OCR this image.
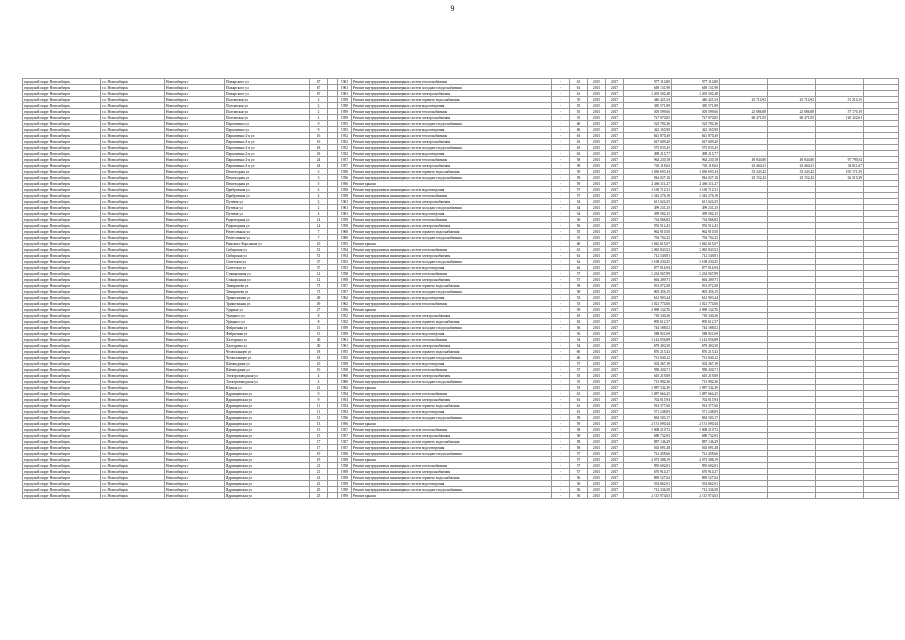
9
городской округ Новосибирск	г.о. Новосибирск	Новосибирск г	Пожарского ул	67		1961	Ремонт внутридомовых инженерных систем теплоснабжения	-	61	2015	2017	977 114,80	977 114,80				
городской округ Новосибирск	г.о. Новосибирск	Новосибирск г	Пожарского ул	67		1961	Ремонт внутридомовых инженерных систем холодного водоснабжения	-	61	2015	2017	649 131,98	649 131,98				
городской округ Новосибирск	г.о. Новосибирск	Новосибирск г	Пожарского ул	67		1961	Ремонт внутридомовых инженерных систем электроснабжения	-	61	2015	2017	1 205 502,48	1 205 502,48				
городской округ Новосибирск	г.о. Новосибирск	Новосибирск г	Полтавская ул	2		1959	Ремонт внутридомовых инженерных систем горячего водоснабжения	-	55	2015	2017	440 421,54	440 421,54	25 714,92	25 714,92	51 214,15	
городской округ Новосибирск	г.о. Новосибирск	Новосибирск г	Полтавская ул	2		1959	Ремонт внутридомовых инженерных систем водоотведения	-	55	2015	2017	385 571,89	385 571,89				
городской округ Новосибирск	г.о. Новосибирск	Новосибирск г	Полтавская ул	2		1959	Ремонт внутридомовых инженерных систем теплоснабжения	-	55	2015	2017	505 599,66	505 599,66	23 086,88	23 086,88	57 170,19	
городской округ Новосибирск	г.о. Новосибирск	Новосибирск г	Полтавская ул	2		1959	Ремонт внутридомовых инженерных систем электроснабжения	-	55	2015	2017	727 970,85	727 970,85	60 471,05	60 471,05	120 322,61	
городской округ Новосибирск	г.о. Новосибирск	Новосибирск г	Пархоменко ул	9		1955	Ремонт внутридомовых инженерных систем холодного водоснабжения	-	60	2015	2017	523 782,36	523 782,36				
городской округ Новосибирск	г.о. Новосибирск	Новосибирск г	Пархоменко ул	9		1955	Ремонт внутридомовых инженерных систем водоотведения	-	60	2015	2017	422 165,90	422 165,90				
городской округ Новосибирск	г.о. Новосибирск	Новосибирск г	Пархоменко 2-я ул	16		1952	Ремонт внутридомовых инженерных систем теплоснабжения	-	63	2015	2017	841 870,49	841 870,49				
городской округ Новосибирск	г.о. Новосибирск	Новосибирск г	Пархоменко 2-я ул	16		1952	Ремонт внутридомовых инженерных систем электроснабжения	-	63	2015	2017	627 609,20	627 609,20				
городской округ Новосибирск	г.о. Новосибирск	Новосибирск г	Пархоменко 2-я ул	18		1952	Ремонт внутридомовых инженерных систем холодного водоснабжения	-	63	2015	2017	575 035,43	575 035,43				
городской округ Новосибирск	г.о. Новосибирск	Новосибирск г	Пархоменко 2-я ул	18		1952	Ремонт внутридомовых инженерных систем водоотведения	-	63	2015	2017	498 215,77	498 215,77				
городской округ Новосибирск	г.о. Новосибирск	Новосибирск г	Пархоменко 2-я ул	24		1957	Ремонт внутридомовых инженерных систем теплоснабжения	-	58	2015	2017	964 230,18	964 230,18	49 844,80	49 844,80	97 799,54	
городской округ Новосибирск	г.о. Новосибирск	Новосибирск г	Пархоменко 2-я ул	24		1957	Ремонт внутридомовых инженерных систем электроснабжения	-	58	2015	2017	745 118,63	745 118,63	23 460,41	23 460,41	34 811,67	
городской округ Новосибирск	г.о. Новосибирск	Новосибирск г	Пешеходная ул	3		1956	Ремонт внутридомовых инженерных систем горячего водоснабжения	-	59	2015	2017	1 036 693,34	1 036 693,34	53 243,42	53 243,42	105 171,35	
городской округ Новосибирск	г.о. Новосибирск	Новосибирск г	Пешеходная ул	3		1956	Ремонт внутридомовых инженерных систем холодного водоснабжения	-	59	2015	2017	944 027,16	944 027,16	25 152,42	25 152,42	62 315,29	
городской округ Новосибирск	г.о. Новосибирск	Новосибирск г	Пешеходная ул	5		1956	Ремонт крыши	-	59	2015	2017	2 466 111,27	2 466 111,27				
городской округ Новосибирск	г.о. Новосибирск	Новосибирск г	Прибрежная ул	4		1958	Ремонт внутридомовых инженерных систем водоотведения	-	57	2015	2017	1 169 712,31	1 169 712,31				
городской округ Новосибирск	г.о. Новосибирск	Новосибирск г	Прибрежная ул	4		1958	Ремонт внутридомовых инженерных систем теплоснабжения	-	57	2015	2017	1 343 276,18	1 343 276,18				
городской округ Новосибирск	г.о. Новосибирск	Новосибирск г	Путевая ул	2		1961	Ремонт внутридомовых инженерных систем электроснабжения	-	54	2015	2017	611 624,35	611 624,35				
городской округ Новосибирск	г.о. Новосибирск	Новосибирск г	Путевая ул	2		1961	Ремонт внутридомовых инженерных систем холодного водоснабжения	-	54	2015	2017	499 231,25	499 231,25				
городской округ Новосибирск	г.о. Новосибирск	Новосибирск г	Путевая ул	4		1961	Ремонт внутридомовых инженерных систем водоотведения	-	54	2015	2017	399 582,15	399 582,15				
городской округ Новосибирск	г.о. Новосибирск	Новосибирск г	Радиаторная ул	14		1959	Ремонт внутридомовых инженерных систем теплоснабжения	-	56	2015	2017	734 066,82	734 066,82				
городской округ Новосибирск	г.о. Новосибирск	Новосибирск г	Радиаторная ул	14		1959	Ремонт внутридомовых инженерных систем электроснабжения	-	56	2015	2017	593 512,43	593 512,43				
городской округ Новосибирск	г.о. Новосибирск	Новосибирск г	Ремесленная ул	7		1960	Ремонт внутридомовых инженерных систем горячего водоснабжения	-	55	2015	2017	962 910,50	962 910,50				
городской округ Новосибирск	г.о. Новосибирск	Новосибирск г	Ремесленная ул	7		1960	Ремонт внутридомовых инженерных систем холодного водоснабжения	-	55	2015	2017	794 702,22	794 702,22				
городской округ Новосибирск	г.о. Новосибирск	Новосибирск г	Римского-Корсакова ул	10		1955	Ремонт крыши	-	60	2015	2017	1 842 615,07	1 842 615,07				
городской округ Новосибирск	г.о. Новосибирск	Новосибирск г	Сибирская ул	51		1954	Ремонт внутридомовых инженерных систем теплоснабжения	-	61	2015	2017	1 065 843,52	1 065 843,52				
городской округ Новосибирск	г.о. Новосибирск	Новосибирск г	Сибирская ул	51		1954	Ремонт внутридомовых инженерных систем электроснабжения	-	61	2015	2017	712 549,81	712 549,81				
городской округ Новосибирск	г.о. Новосибирск	Новосибирск г	Советская ул	37		1953	Ремонт внутридомовых инженерных систем холодного водоснабжения	-	62	2015	2017	1 108 230,45	1 108 230,45				
городской округ Новосибирск	г.о. Новосибирск	Новосибирск г	Советская ул	37		1953	Ремонт внутридомовых инженерных систем водоотведения	-	62	2015	2017	877 016,94	877 016,94				
городской округ Новосибирск	г.о. Новосибирск	Новосибирск г	Станционная ул	12		1958	Ремонт внутридомовых инженерных систем теплоснабжения	-	57	2015	2017	1 234 567,89	1 234 567,89				
городской округ Новосибирск	г.о. Новосибирск	Новосибирск г	Станционная ул	12		1958	Ремонт внутридомовых инженерных систем электроснабжения	-	57	2015	2017	664 289,71	664 289,71				
городской округ Новосибирск	г.о. Новосибирск	Новосибирск г	Тимирязева ул	73		1957	Ремонт внутридомовых инженерных систем горячего водоснабжения	-	58	2015	2017	931 072,58	931 072,58				
городской округ Новосибирск	г.о. Новосибирск	Новосибирск г	Тимирязева ул	73		1957	Ремонт внутридомовых инженерных систем холодного водоснабжения	-	58	2015	2017	803 456,15	803 456,15				
городской округ Новосибирск	г.о. Новосибирск	Новосибирск г	Трикотажная ул	49		1962	Ремонт внутридомовых инженерных систем водоотведения	-	53	2015	2017	612 903,44	612 903,44				
городской округ Новосибирск	г.о. Новосибирск	Новосибирск г	Трикотажная ул	49		1962	Ремонт внутридомовых инженерных систем теплоснабжения	-	53	2015	2017	1 021 774,60	1 021 774,60				
городской округ Новосибирск	г.о. Новосибирск	Новосибирск г	Ударная ул	27		1956	Ремонт крыши	-	59	2015	2017	2 098 134,76	2 098 134,76				
городской округ Новосибирск	г.о. Новосибирск	Новосибирск г	Урицкого ул	8		1952	Ремонт внутридомовых инженерных систем электроснабжения	-	63	2015	2017	718 340,26	718 340,26				
городской округ Новосибирск	г.о. Новосибирск	Новосибирск г	Урицкого ул	8		1952	Ремонт внутридомовых инженерных систем горячего водоснабжения	-	63	2015	2017	905 612,37	905 612,37				
городской округ Новосибирск	г.о. Новосибирск	Новосибирск г	Фабричная ул	15		1959	Ремонт внутридомовых инженерных систем холодного водоснабжения	-	56	2015	2017	744 188,02	744 188,02				
городской округ Новосибирск	г.о. Новосибирск	Новосибирск г	Фабричная ул	15		1959	Ремонт внутридомовых инженерных систем водоотведения	-	56	2015	2017	588 921,69	588 921,69				
городской округ Новосибирск	г.о. Новосибирск	Новосибирск г	Халтурина ул	30		1961	Ремонт внутридомовых инженерных систем теплоснабжения	-	54	2015	2017	1 142 056,88	1 142 056,88				
городской округ Новосибирск	г.о. Новосибирск	Новосибирск г	Халтурина ул	30		1961	Ремонт внутридомовых инженерных систем электроснабжения	-	54	2015	2017	679 403,50	679 403,50				
городской округ Новосибирск	г.о. Новосибирск	Новосибирск г	Челюскинцев ул	18		1955	Ремонт внутридомовых инженерных систем горячего водоснабжения	-	60	2015	2017	876 215,43	876 215,43				
городской округ Новосибирск	г.о. Новосибирск	Новосибирск г	Челюскинцев ул	18		1955	Ремонт внутридомовых инженерных систем холодного водоснабжения	-	60	2015	2017	731 840,12	731 840,12				
городской округ Новосибирск	г.о. Новосибирск	Новосибирск г	Шамшурина ул	10		1958	Ремонт внутридомовых инженерных систем водоотведения	-	57	2015	2017	502 367,18	502 367,18				
городской округ Новосибирск	г.о. Новосибирск	Новосибирск г	Шамшурина ул	10		1958	Ремонт внутридомовых инженерных систем теплоснабжения	-	57	2015	2017	958 430,71	958 430,71				
городской округ Новосибирск	г.о. Новосибирск	Новосибирск г	Электрозаводская ул	4		1960	Ремонт внутридомовых инженерных систем электроснабжения	-	55	2015	2017	645 219,08	645 219,08				
городской округ Новосибирск	г.о. Новосибирск	Новосибирск г	Электрозаводская ул	4		1960	Ремонт внутридомовых инженерных систем холодного водоснабжения	-	55	2015	2017	713 982,36	713 982,36				
городской округ Новосибирск	г.о. Новосибирск	Новосибирск г	Южная ул	21		1962	Ремонт крыши	-	53	2015	2017	1 987 542,30	1 987 542,30				
городской округ Новосибирск	г.о. Новосибирск	Новосибирск г	Ядринцевская ул	9		1954	Ремонт внутридомовых инженерных систем теплоснабжения	-	61	2015	2017	1 087 664,25	1 087 664,25				
городской округ Новосибирск	г.о. Новосибирск	Новосибирск г	Ядринцевская ул	9		1954	Ремонт внутридомовых инженерных систем электроснабжения	-	61	2015	2017	702 815,94	702 815,94				
городской округ Новосибирск	г.о. Новосибирск	Новосибирск г	Ядринцевская ул	11		1954	Ремонт внутридомовых инженерных систем горячего водоснабжения	-	61	2015	2017	914 377,60	914 377,60				
городской округ Новосибирск	г.о. Новосибирск	Новосибирск г	Ядринцевская ул	11		1954	Ремонт внутридомовых инженерных систем водоотведения	-	61	2015	2017	571 248,83	571 248,83				
городской округ Новосибирск	г.о. Новосибирск	Новосибирск г	Ядринцевская ул	13		1956	Ремонт внутридомовых инженерных систем холодного водоснабжения	-	59	2015	2017	694 503,17	694 503,17				
городской округ Новосибирск	г.о. Новосибирск	Новосибирск г	Ядринцевская ул	13		1956	Ремонт крыши	-	59	2015	2017	2 151 090,44	2 151 090,44				
городской округ Новосибирск	г.о. Новосибирск	Новосибирск г	Ядринцевская ул	15		1957	Ремонт внутридомовых инженерных систем теплоснабжения	-	58	2015	2017	1 008 219,72	1 008 219,72				
городской округ Новосибирск	г.о. Новосибирск	Новосибирск г	Ядринцевская ул	15		1957	Ремонт внутридомовых инженерных систем электроснабжения	-	58	2015	2017	688 732,05	688 732,05				
городской округ Новосибирск	г.о. Новосибирск	Новосибирск г	Ядринцевская ул	17		1957	Ремонт внутридомовых инженерных систем горячего водоснабжения	-	58	2015	2017	887 146,29	887 146,29				
городской округ Новосибирск	г.о. Новосибирск	Новосибирск г	Ядринцевская ул	17		1957	Ремонт внутридомовых инженерных систем водоотведения	-	58	2015	2017	563 091,48	563 091,48				
городской округ Новосибирск	г.о. Новосибирск	Новосибирск г	Ядринцевская ул	19		1958	Ремонт внутридомовых инженерных систем холодного водоснабжения	-	57	2015	2017	721 458,66	721 458,66				
городской округ Новосибирск	г.о. Новосибирск	Новосибирск г	Ядринцевская ул	19		1958	Ремонт крыши	-	57	2015	2017	2 073 388,19	2 073 388,19				
городской округ Новосибирск	г.о. Новосибирск	Новосибирск г	Ядринцевская ул	21		1958	Ремонт внутридомовых инженерных систем теплоснабжения	-	57	2015	2017	995 602,81	995 602,81				
городской округ Новосибирск	г.о. Новосибирск	Новосибирск г	Ядринцевская ул	21		1958	Ремонт внутридомовых инженерных систем электроснабжения	-	57	2015	2017	676 914,37	676 914,37				
городской округ Новосибирск	г.о. Новосибирск	Новосибирск г	Ядринцевская ул	23		1959	Ремонт внутридомовых инженерных систем горячего водоснабжения	-	56	2015	2017	869 527,04	869 527,04				
городской округ Новосибирск	г.о. Новосибирск	Новосибирск г	Ядринцевская ул	23		1959	Ремонт внутридомовых инженерных систем водоотведения	-	56	2015	2017	554 862,91	554 862,91				
городской округ Новосибирск	г.о. Новосибирск	Новосибирск г	Ядринцевская ул	25		1959	Ремонт внутридомовых инженерных систем холодного водоснабжения	-	56	2015	2017	712 336,58	712 336,58				
городской округ Новосибирск	г.о. Новосибирск	Новосибирск г	Ядринцевская ул	25		1959	Ремонт крыши	-	56	2015	2017	2 115 974,63	2 115 974,63				
